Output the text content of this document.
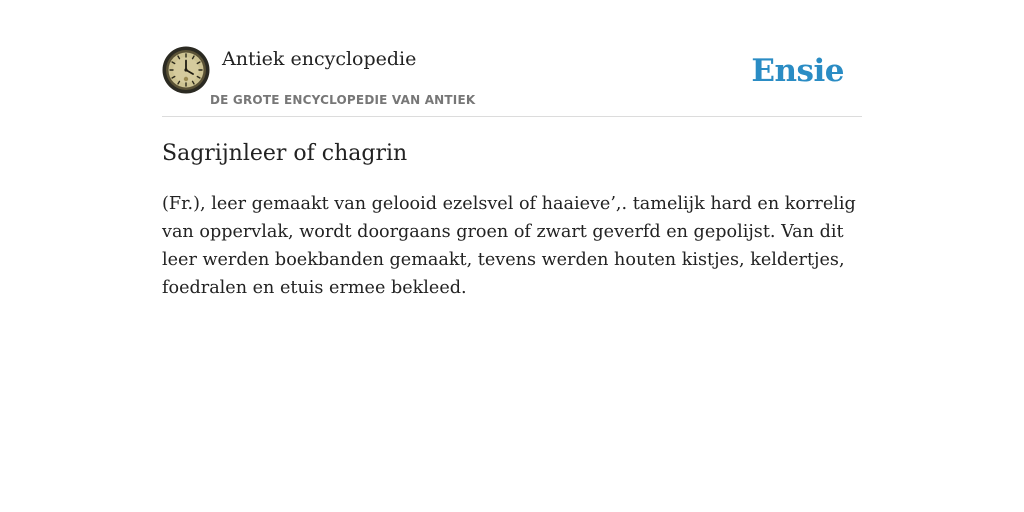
Antiek encyclopedie
DE GROTE ENCYCLOPEDIE VAN ANTIEK
Ensie
Sagrijnleer of chagrin

(Fr.), leer gemaakt van gelooid ezelsvel of haaieve’,. tamelijk hard en korrelig van oppervlak, wordt doorgaans groen of zwart geverfd en gepolijst. Van dit leer werden boekbanden gemaakt, tevens werden houten kistjes, keldertjes, foedralen en etuis ermee bekleed.
